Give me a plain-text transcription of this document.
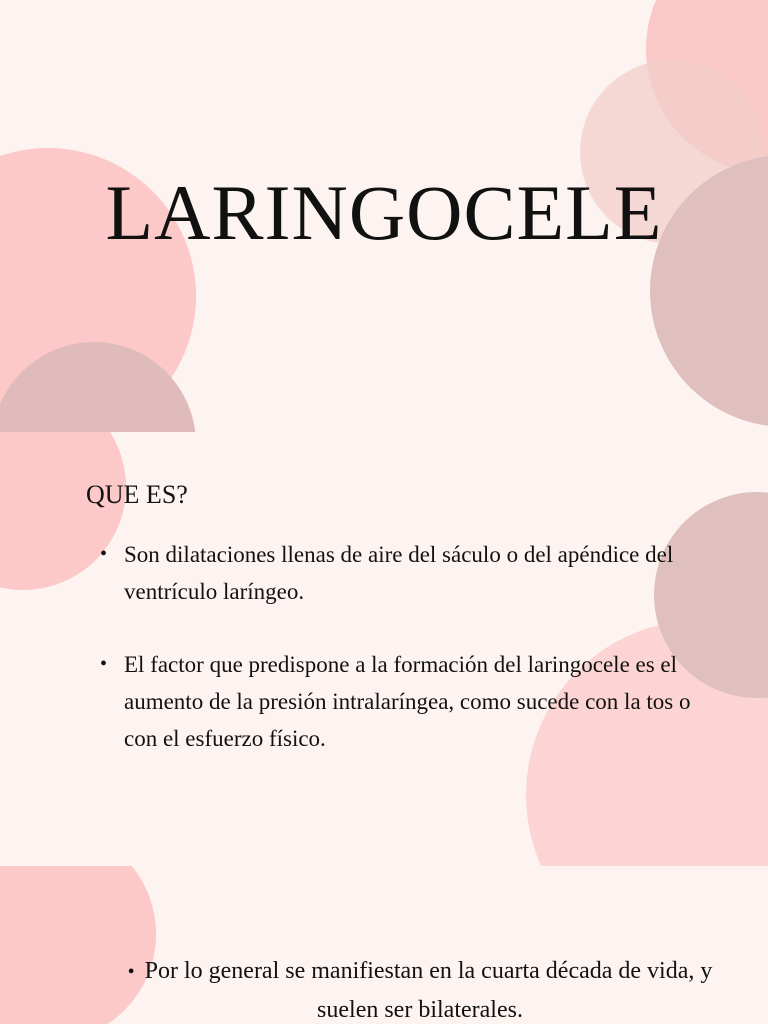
LARINGOCELE
QUE ES?
• Son dilataciones llenas de aire del sáculo o del apéndice del ventrículo laríngeo.
• El factor que predispone a la formación del laringocele es el aumento de la presión intralaríngea, como sucede con la tos o con el esfuerzo físico.
• Por lo general se manifiestan en la cuarta década de vida, y suelen ser bilaterales.
